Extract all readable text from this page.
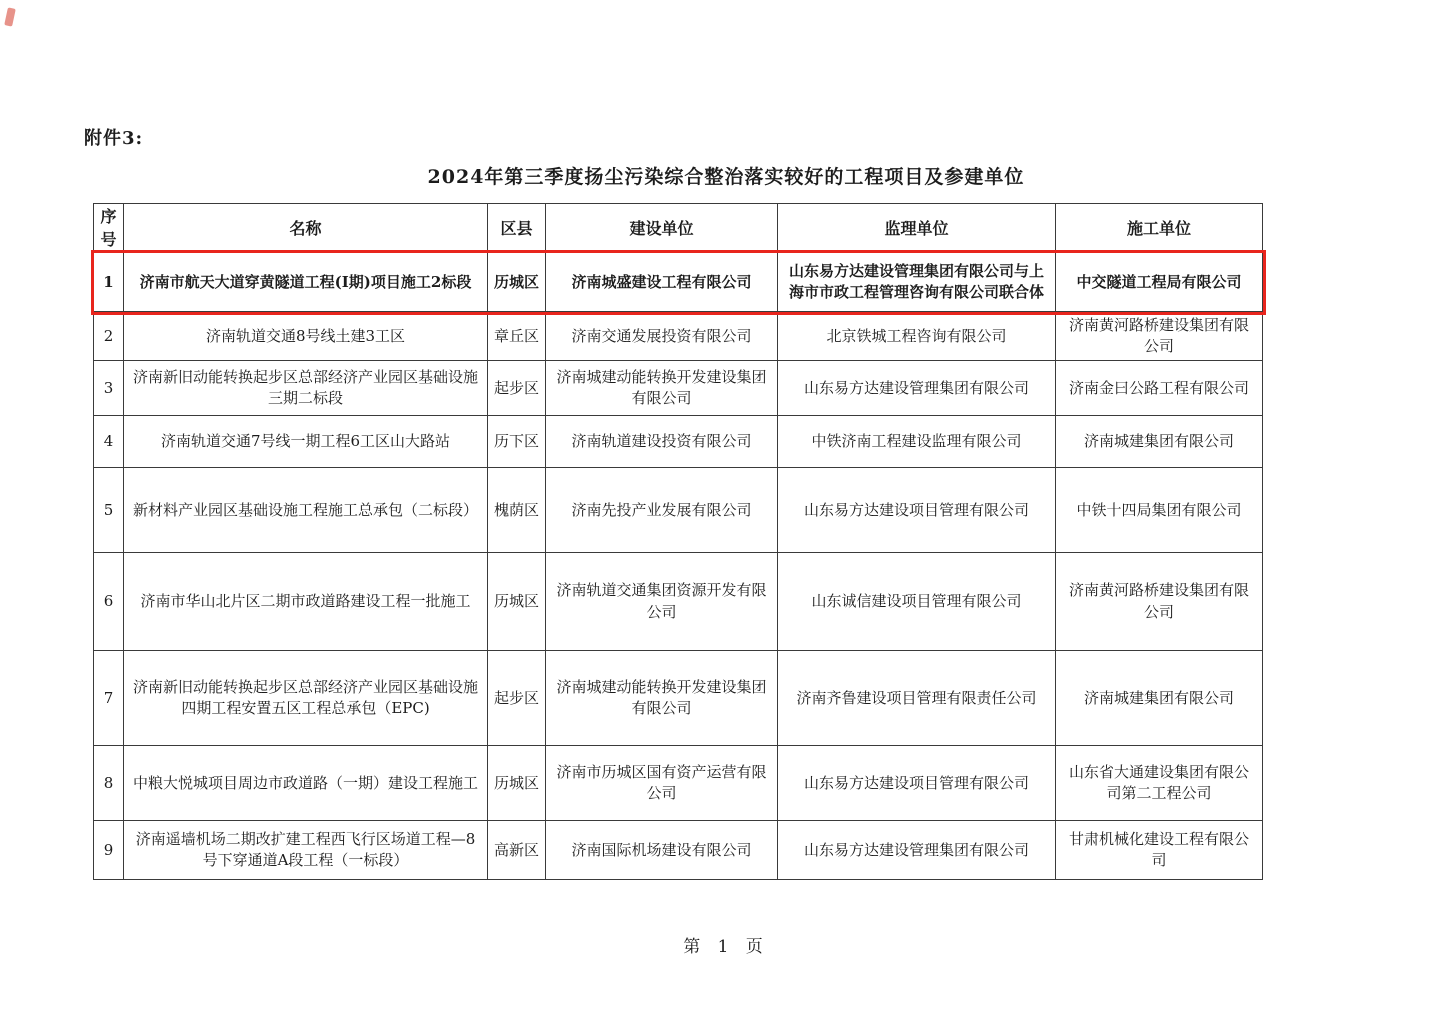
附件3:
2024年第三季度扬尘污染综合整治落实较好的工程项目及参建单位
序号	名称	区县	建设单位	监理单位	施工单位
1	济南市航天大道穿黄隧道工程(I期)项目施工2标段	历城区	济南城盛建设工程有限公司	山东易方达建设管理集团有限公司与上海市市政工程管理咨询有限公司联合体	中交隧道工程局有限公司
2	济南轨道交通8号线土建3工区	章丘区	济南交通发展投资有限公司	北京铁城工程咨询有限公司	济南黄河路桥建设集团有限公司
3	济南新旧动能转换起步区总部经济产业园区基础设施三期二标段	起步区	济南城建动能转换开发建设集团有限公司	山东易方达建设管理集团有限公司	济南金曰公路工程有限公司
4	济南轨道交通7号线一期工程6工区山大路站	历下区	济南轨道建设投资有限公司	中铁济南工程建设监理有限公司	济南城建集团有限公司
5	新材料产业园区基础设施工程施工总承包（二标段）	槐荫区	济南先投产业发展有限公司	山东易方达建设项目管理有限公司	中铁十四局集团有限公司
6	济南市华山北片区二期市政道路建设工程一批施工	历城区	济南轨道交通集团资源开发有限公司	山东诚信建设项目管理有限公司	济南黄河路桥建设集团有限公司
7	济南新旧动能转换起步区总部经济产业园区基础设施四期工程安置五区工程总承包（EPC)	起步区	济南城建动能转换开发建设集团有限公司	济南齐鲁建设项目管理有限责任公司	济南城建集团有限公司
8	中粮大悦城项目周边市政道路（一期）建设工程施工	历城区	济南市历城区国有资产运营有限公司	山东易方达建设项目管理有限公司	山东省大通建设集团有限公司第二工程公司
9	济南遥墙机场二期改扩建工程西飞行区场道工程—8号下穿通道A段工程（一标段）	高新区	济南国际机场建设有限公司	山东易方达建设管理集团有限公司	甘肃机械化建设工程有限公司
第 1 页
